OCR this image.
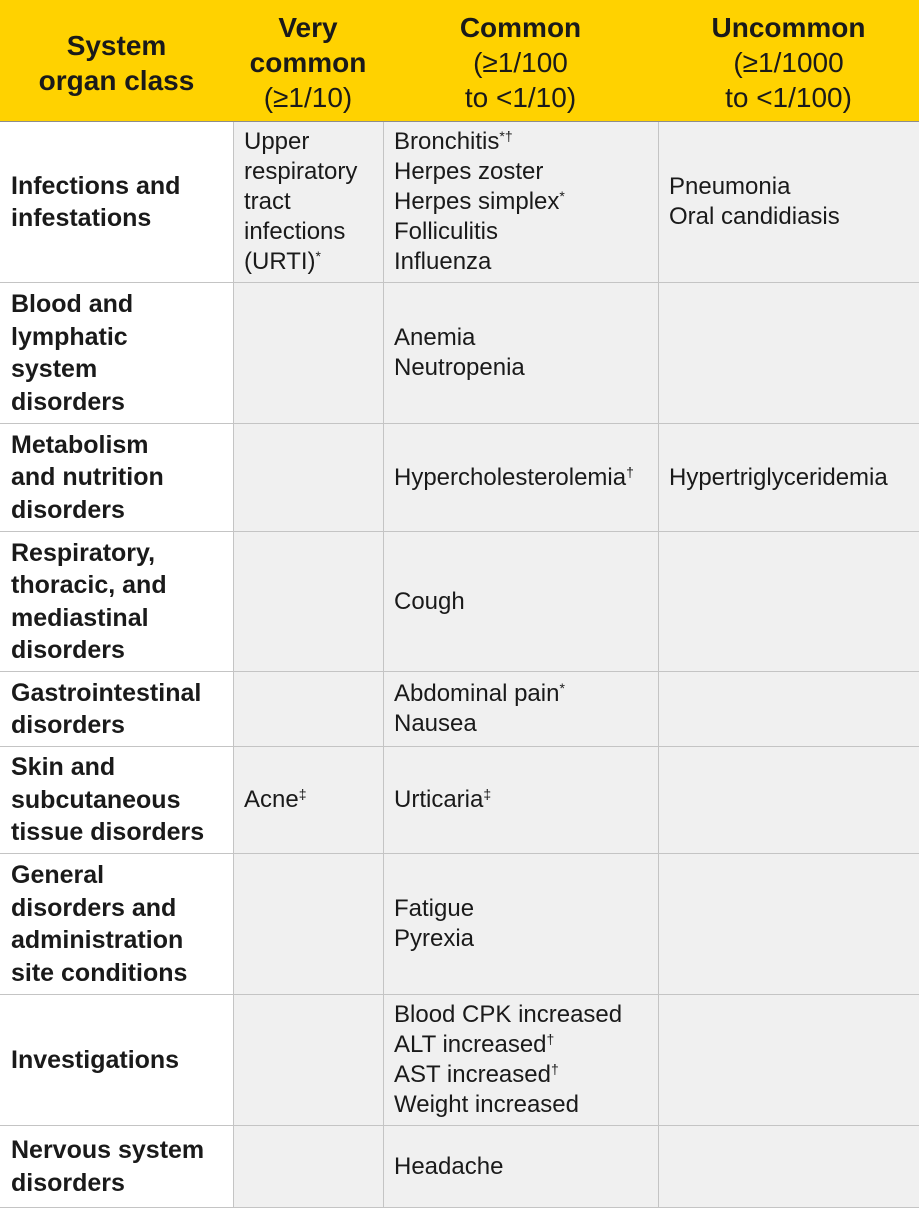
System
organ class
Very
common
(≥1/10)
Common
(≥1/100
to <1/10)
Uncommon
(≥1/1000
to <1/100)
Infections and
infestations
Upper
respiratory
tract
infections
(URTI)*
Bronchitis*†
Herpes zoster
Herpes simplex*
Folliculitis
Influenza
Pneumonia
Oral candidiasis
Blood and
lymphatic
system
disorders
Anemia
Neutropenia
Metabolism
and nutrition
disorders
Hypercholesterolemia†	Hypertriglyceridemia
Respiratory,
thoracic, and
mediastinal
disorders
Cough
Gastrointestinal
disorders
Abdominal pain*
Nausea
Skin and
subcutaneous
tissue disorders
Acne‡	Urticaria‡
General
disorders and
administration
site conditions
Fatigue
Pyrexia
Investigations
Blood CPK increased
ALT increased†
AST increased†
Weight increased
Nervous system
disorders
Headache
